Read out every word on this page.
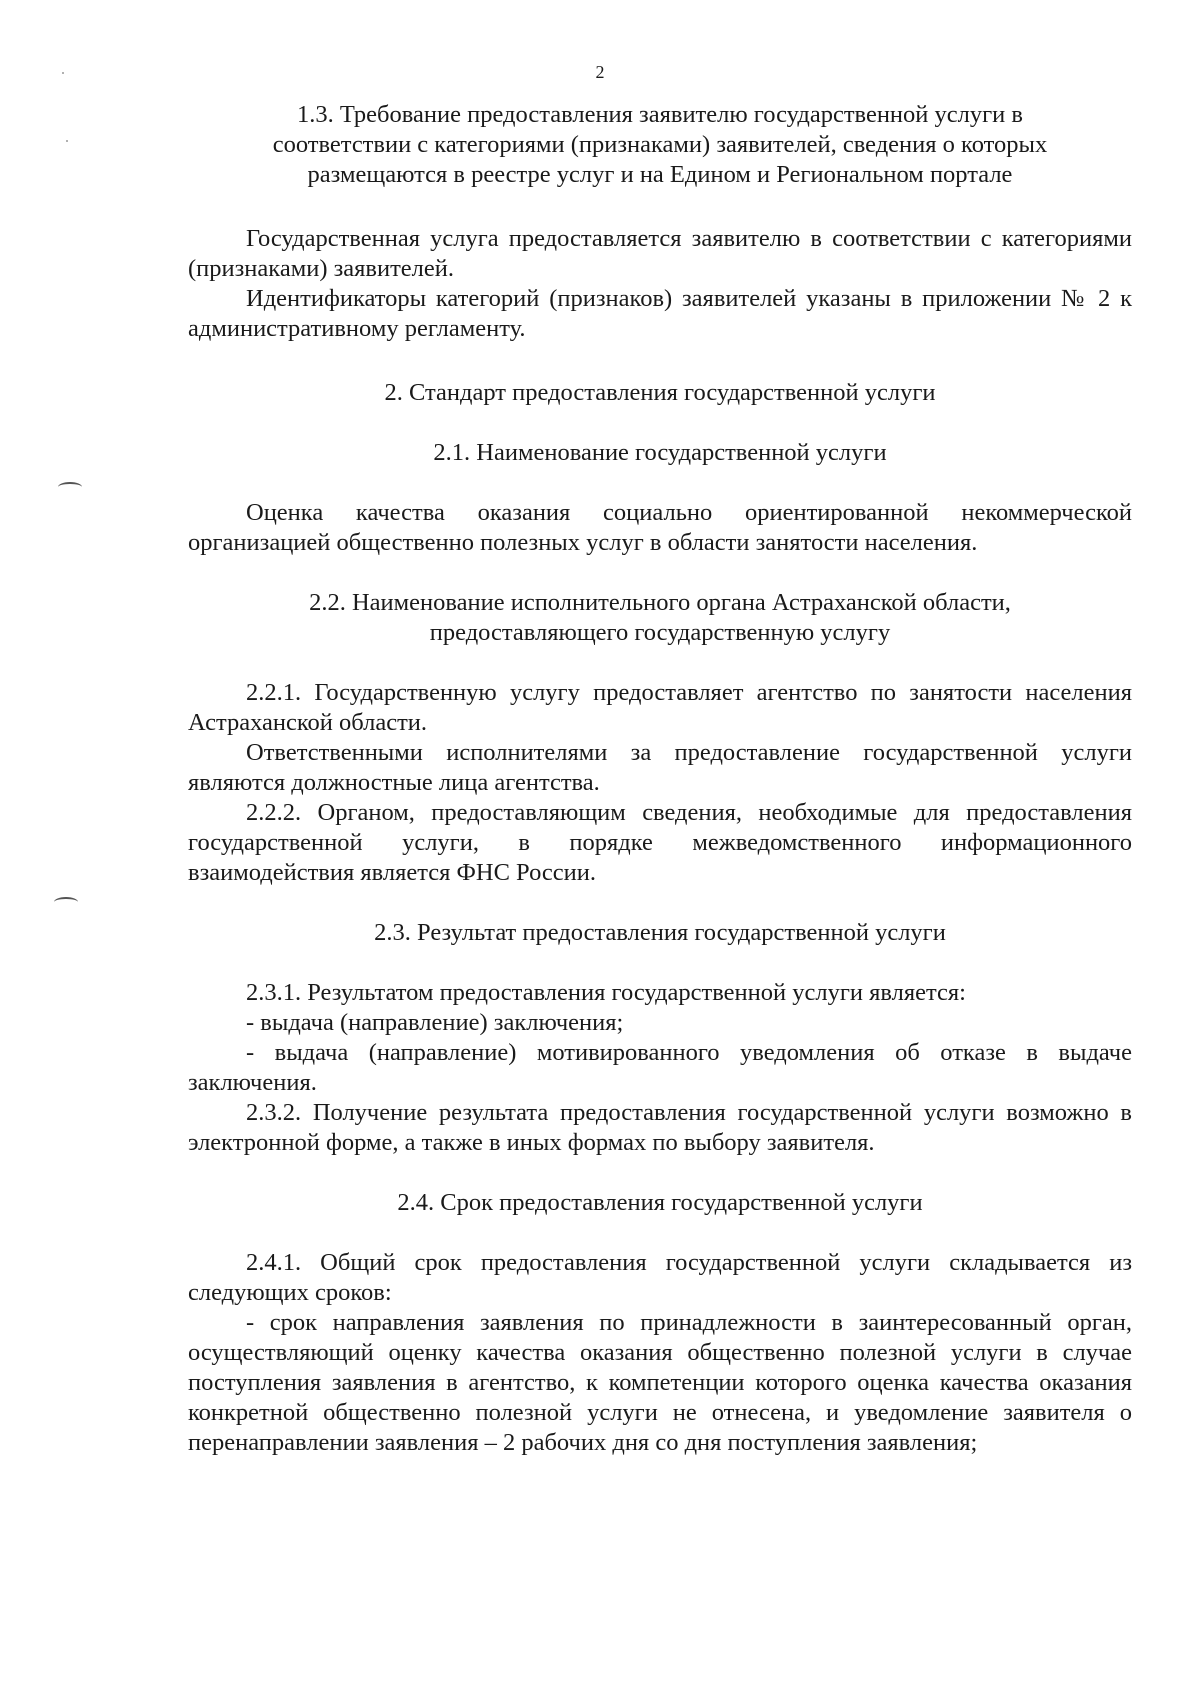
2
1.3. Требование предоставления заявителю государственной услуги в
соответствии с категориями (признаками) заявителей, сведения о которых
размещаются в реестре услуг и на Едином и Региональном портале

Государственная услуга предоставляется заявителю в соответствии с категориями (признаками) заявителей.

Идентификаторы категорий (признаков) заявителей указаны в приложении № 2 к административному регламенту.

2. Стандарт предоставления государственной услуги
2.1. Наименование государственной услуги

Оценка качества оказания социально ориентированной некоммерческой организацией общественно полезных услуг в области занятости населения.

2.2. Наименование исполнительного органа Астраханской области,
предоставляющего государственную услугу

2.2.1. Государственную услугу предоставляет агентство по занятости населения Астраханской области.

Ответственными исполнителями за предоставление государственной услуги являются должностные лица агентства.

2.2.2. Органом, предоставляющим сведения, необходимые для предоставления государственной услуги, в порядке межведомственного информационного взаимодействия является ФНС России.

2.3. Результат предоставления государственной услуги

2.3.1. Результатом предоставления государственной услуги является:

- выдача (направление) заключения;

- выдача (направление) мотивированного уведомления об отказе в выдаче заключения.

2.3.2. Получение результата предоставления государственной услуги возможно в электронной форме, а также в иных формах по выбору заявителя.

2.4. Срок предоставления государственной услуги

2.4.1. Общий срок предоставления государственной услуги складывается из следующих сроков:

- срок направления заявления по принадлежности в заинтересованный орган, осуществляющий оценку качества оказания общественно полезной услуги в случае поступления заявления в агентство, к компетенции которого оценка качества оказания конкретной общественно полезной услуги не отнесена, и уведомление заявителя о перенаправлении заявления – 2 рабочих дня со дня поступления заявления;
